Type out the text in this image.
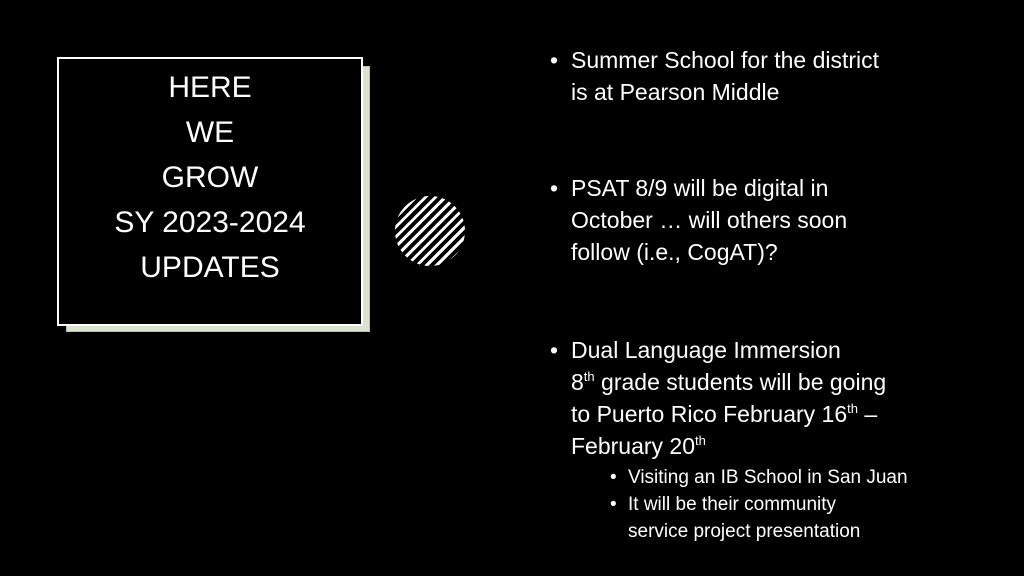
HERE
WE
GROW
SY 2023-2024
UPDATES
• Summer School for the district
is at Pearson Middle
• PSAT 8/9 will be digital in
October … will others soon
follow (i.e., CogAT)?
• Dual Language Immersion
8th grade students will be going
to Puerto Rico February 16th –
February 20th
• Visiting an IB School in San Juan
• It will be their community
service project presentation
